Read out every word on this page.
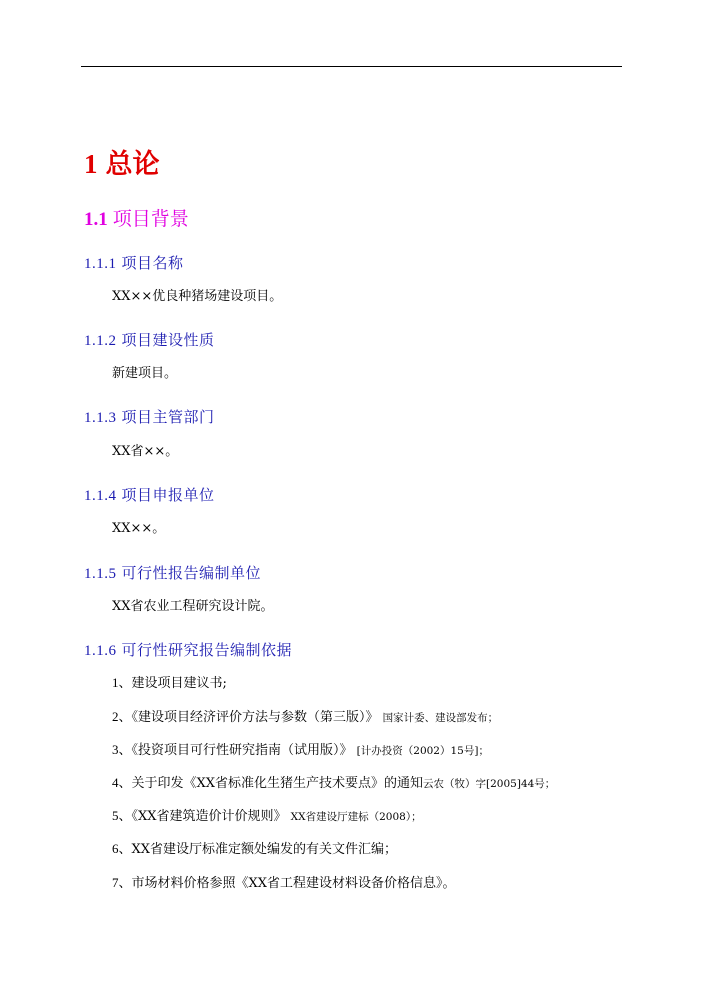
1 总论
1.1 项目背景
1.1.1 项目名称
XX××优良种猪场建设项目。
1.1.2 项目建设性质
新建项目。
1.1.3 项目主管部门
XX省××。
1.1.4 项目申报单位
XX××。
1.1.5 可行性报告编制单位
XX省农业工程研究设计院。
1.1.6 可行性研究报告编制依据
1、建设项目建议书;
2、《建设项目经济评价方法与参数（第三版）》 国家计委、建设部发布；
3、《投资项目可行性研究指南（试用版）》 [计办投资（2002）15号]；
4、关于印发《XX省标准化生猪生产技术要点》的通知云农（牧）字[2005]44号；
5、《XX省建筑造价计价规则》 XX省建设厅建标（2008）；
6、XX省建设厅标准定额处编发的有关文件汇编；
7、市场材料价格参照《XX省工程建设材料设备价格信息》。
